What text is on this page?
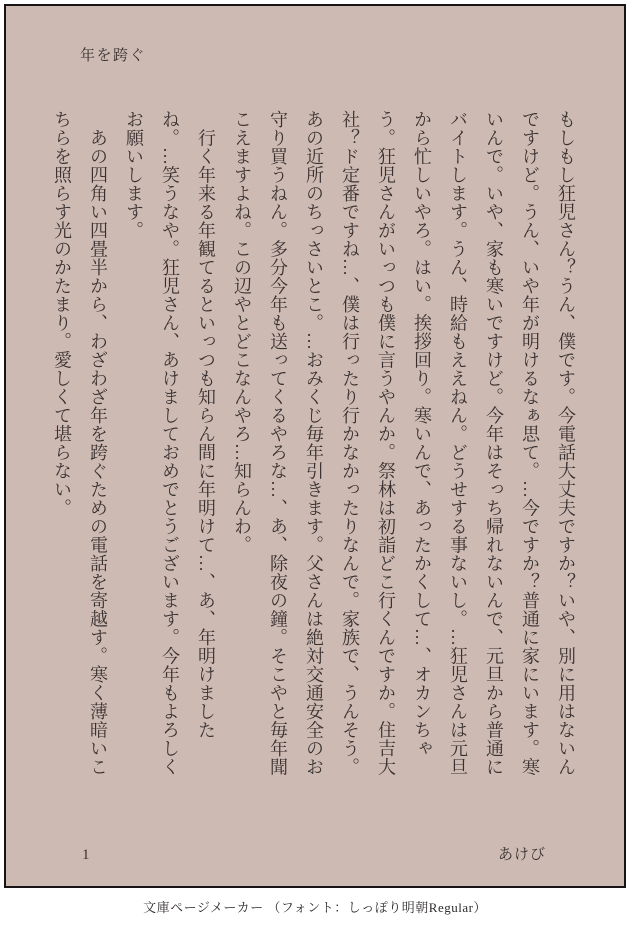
年を跨ぐ

もしもし狂児さん？うん、僕です。今電話大丈夫ですか？いや、別に用はないんですけど。うん、いや年が明けるなぁ思て。…今ですか？普通に家にいます。寒いんで。いや、家も寒いですけど。今年はそっち帰れないんで、元旦から普通にバイトします。うん、時給もええねん。どうせする事ないし。…狂児さんは元旦から忙しいやろ。はい。挨拶回り。寒いんで、あったかくして…、オカンちゃう。狂児さんがいっつも僕に言うやんか。祭林は初詣どこ行くんですか。住吉大社？ド定番ですね…、僕は行ったり行かなかったりなんで。家族で、うんそう。あの近所のちっさいとこ。…おみくじ毎年引きます。父さんは絶対交通安全のお守り買うねん。多分今年も送ってくるやろな…、あ、除夜の鐘。そこやと毎年聞こえますよね。この辺やとどこなんやろ…知らんわ。

　行く年来る年観てるといっつも知らん間に年明けて…、あ、年明けましたね。…笑うなや。狂児さん、あけましておめでとうございます。今年もよろしくお願いします。

　あの四角い四畳半から、わざわざ年を跨ぐための電話を寄越す。寒く薄暗いこちらを照らす光のかたまり。愛しくて堪らない。

1	あけび
文庫ページメーカー （フォント：しっぽり明朝Regular）
